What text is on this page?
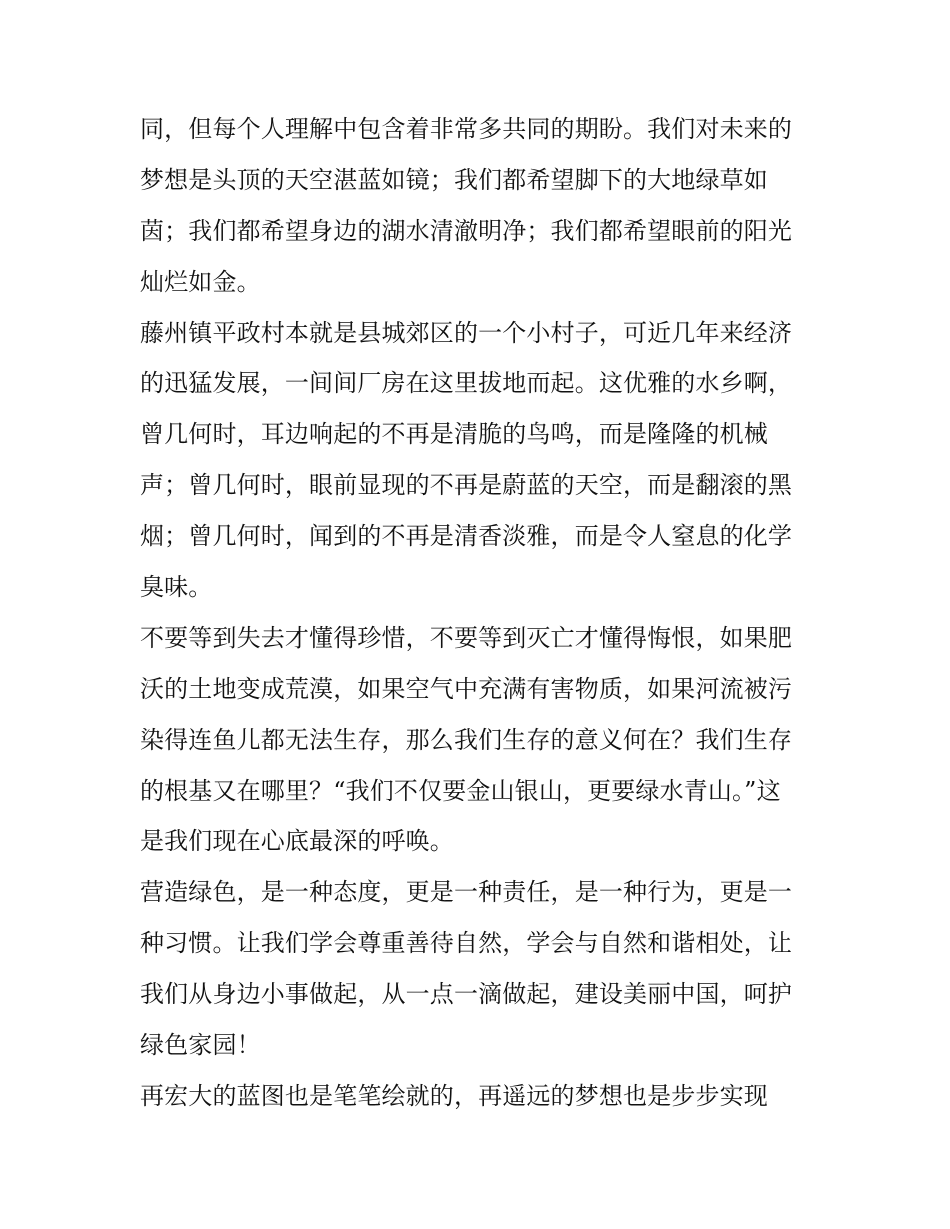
同，但每个人理解中包含着非常多共同的期盼。我们对未来的
梦想是头顶的天空湛蓝如镜；我们都希望脚下的大地绿草如
茵；我们都希望身边的湖水清澈明净；我们都希望眼前的阳光
灿烂如金。
藤州镇平政村本就是县城郊区的一个小村子，可近几年来经济
的迅猛发展，一间间厂房在这里拔地而起。这优雅的水乡啊，
曾几何时，耳边响起的不再是清脆的鸟鸣，而是隆隆的机械
声；曾几何时，眼前显现的不再是蔚蓝的天空，而是翻滚的黑
烟；曾几何时，闻到的不再是清香淡雅，而是令人窒息的化学
臭味。
不要等到失去才懂得珍惜，不要等到灭亡才懂得悔恨，如果肥
沃的土地变成荒漠，如果空气中充满有害物质，如果河流被污
染得连鱼儿都无法生存，那么我们生存的意义何在？我们生存
的根基又在哪里？“我们不仅要金山银山，更要绿水青山。”这
是我们现在心底最深的呼唤。
营造绿色，是一种态度，更是一种责任，是一种行为，更是一
种习惯。让我们学会尊重善待自然，学会与自然和谐相处，让
我们从身边小事做起，从一点一滴做起，建设美丽中国，呵护
绿色家园！
再宏大的蓝图也是笔笔绘就的，再遥远的梦想也是步步实现
